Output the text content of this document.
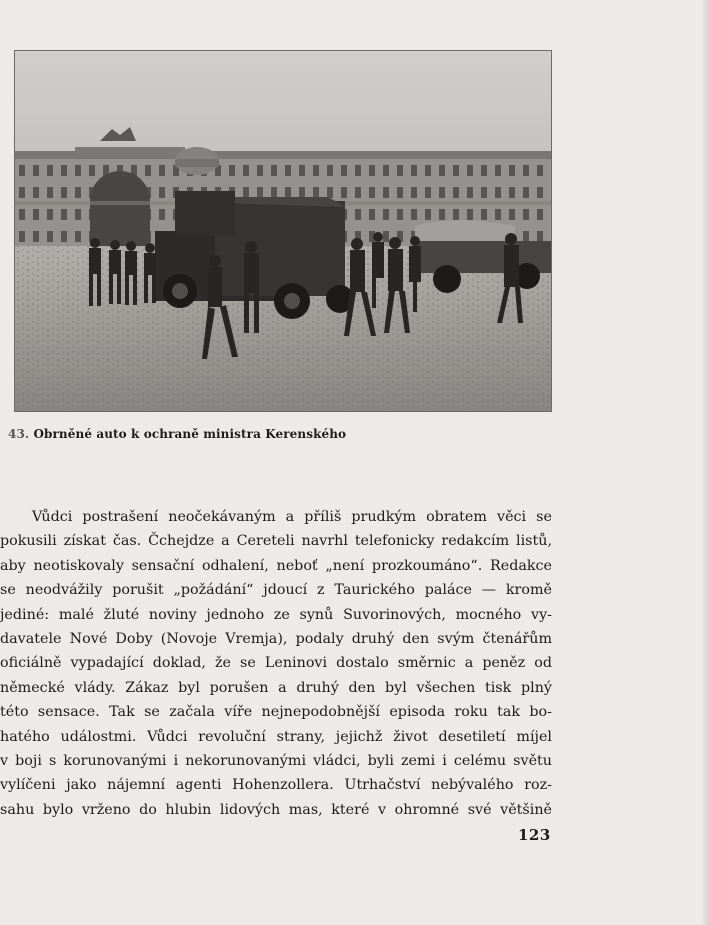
43. Obrněné auto k ochraně ministra Kerenského
Vůdci postrašení neočekávaným a příliš prudkým obratem věci se
pokusili získat čas. Čchejdze a Cereteli navrhl telefonicky redakcím listů,
aby neotiskovaly sensační odhalení, neboť „není prozkoumáno“. Redakce
se neodvážily porušit „požádání“ jdoucí z Taurického paláce — kromě
jediné: malé žluté noviny jednoho ze synů Suvorinových, mocného vy-
davatele Nové Doby (Novoje Vremja), podaly druhý den svým čtenářům
oficiálně vypadající doklad, že se Leninovi dostalo směrnic a peněz od
německé vlády. Zákaz byl porušen a druhý den byl všechen tisk plný
této sensace. Tak se začala víře nejnepodobnější episoda roku tak bo-
hatého událostmi. Vůdci revoluční strany, jejichž život desetiletí míjel
v boji s korunovanými i nekorunovanými vládci, byli zemi i celému světu
vylíčeni jako nájemní agenti Hohenzollera. Utrhačství nebývalého roz-
sahu bylo vrženo do hlubin lidových mas, které v ohromné své většině
123
